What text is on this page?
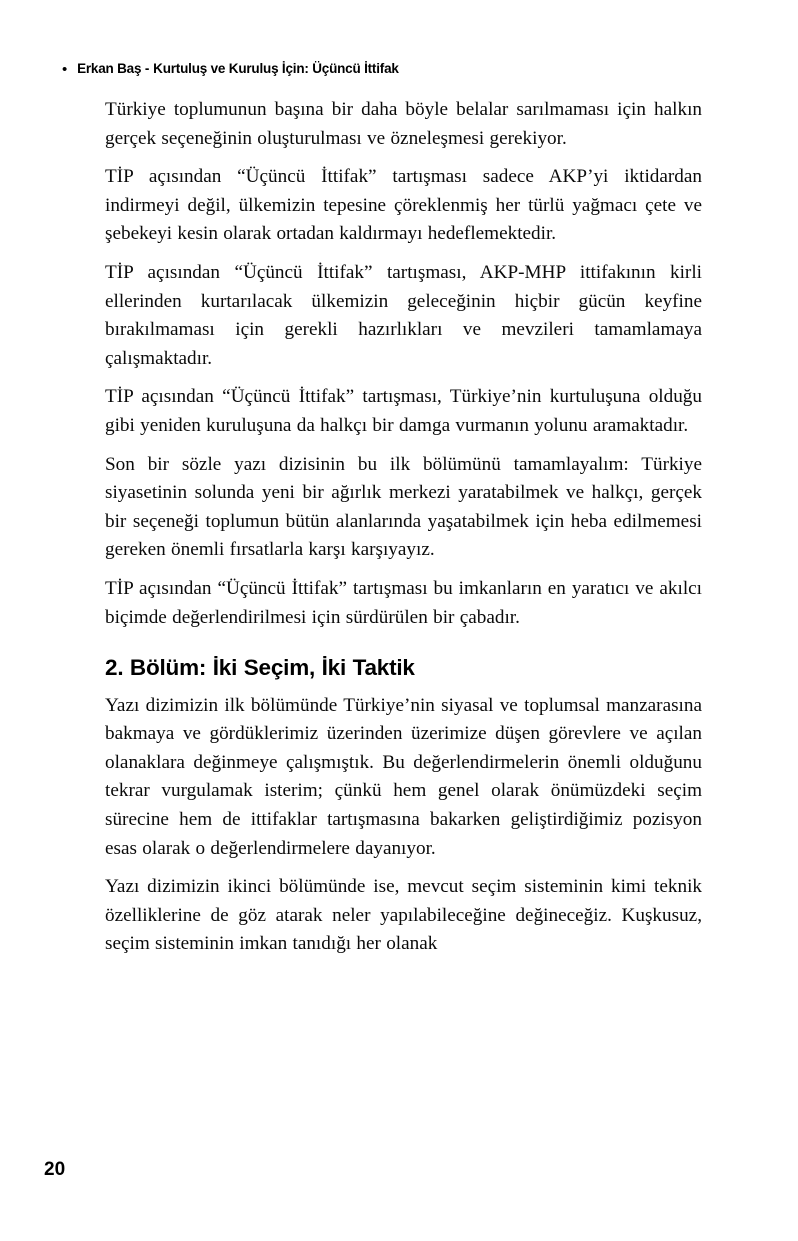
• Erkan Baş - Kurtuluş ve Kuruluş İçin: Üçüncü İttifak

Türkiye toplumunun başına bir daha böyle belalar sarılmaması için halkın gerçek seçeneğinin oluşturulması ve özneleşmesi gerekiyor.

TİP açısından “Üçüncü İttifak” tartışması sadece AKP’yi iktidardan indirmeyi değil, ülkemizin tepesine çöreklenmiş her türlü yağmacı çete ve şebekeyi kesin olarak ortadan kaldırmayı hedeflemektedir.

TİP açısından “Üçüncü İttifak” tartışması, AKP-MHP ittifakının kirli ellerinden kurtarılacak ülkemizin geleceğinin hiçbir gücün keyfine bırakılmaması için gerekli hazırlıkları ve mevzileri tamamlamaya çalışmaktadır.

TİP açısından “Üçüncü İttifak” tartışması, Türkiye’nin kurtuluşuna olduğu gibi yeniden kuruluşuna da halkçı bir damga vurmanın yolunu aramaktadır.

Son bir sözle yazı dizisinin bu ilk bölümünü tamamlayalım: Türkiye siyasetinin solunda yeni bir ağırlık merkezi yaratabilmek ve halkçı, gerçek bir seçeneği toplumun bütün alanlarında yaşatabilmek için heba edilmemesi gereken önemli fırsatlarla karşı karşıyayız.

TİP açısından “Üçüncü İttifak” tartışması bu imkanların en yaratıcı ve akılcı biçimde değerlendirilmesi için sürdürülen bir çabadır.

2. Bölüm: İki Seçim, İki Taktik

Yazı dizimizin ilk bölümünde Türkiye’nin siyasal ve toplumsal manzarasına bakmaya ve gördüklerimiz üzerinden üzerimize düşen görevlere ve açılan olanaklara değinmeye çalışmıştık. Bu değerlendirmelerin önemli olduğunu tekrar vurgulamak isterim; çünkü hem genel olarak önümüzdeki seçim sürecine hem de ittifaklar tartışmasına bakarken geliştirdiğimiz pozisyon esas olarak o değerlendirmelere dayanıyor.

Yazı dizimizin ikinci bölümünde ise, mevcut seçim sisteminin kimi teknik özelliklerine de göz atarak neler yapılabileceğine değineceğiz. Kuşkusuz, seçim sisteminin imkan tanıdığı her olanak

20
